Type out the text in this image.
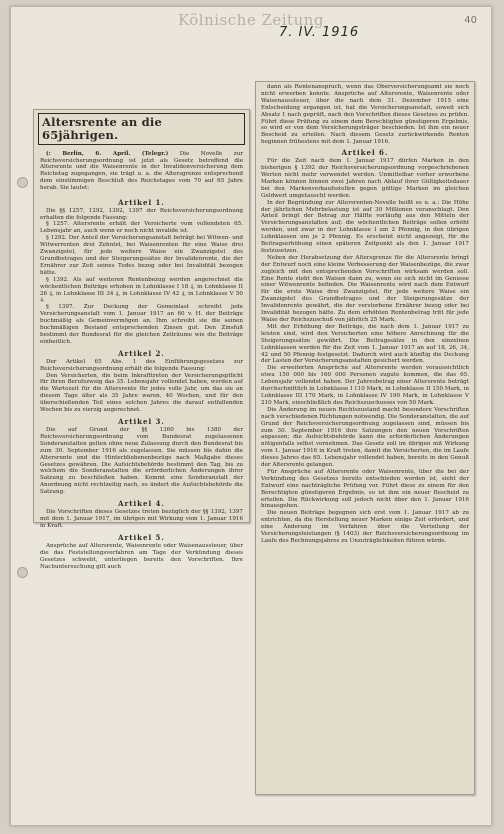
Kölnische Zeitung
7. IV. 1916
40
Altersrente an die 65jährigen.

(: Berlin, 6. April. (Telegr.) Die Novelle zur Reichsversicherungsordnung ist jetzt als Gesetz betreffend die Altersrente und die Waisenrente in der Invalidenversicherung dem Reichstag zugegangen, sie trägt u. a. die Altersgrenze entsprechend dem einstimmigen Beschluß des Reichstages vom 70 auf 65 Jahre herab. Sie lautet:

Artikel 1.

Die §§ 1257, 1292, 1392, 1397 der Reichsversicherungsordnung erhalten die folgende Fassung:

§ 1257. Altersrente erhält der Versicherte vom vollendeten 65. Lebensjahr an, auch wenn er noch nicht invalide ist.

§ 1292. Der Anteil der Versicherungsanstalt beträgt bei Witwen- und Witwerrenten drei Zehntel, bei Waisenrenten für eine Waise drei Zwanzigstel, für jede weitere Waise ein Zwanzigstel des Grundbetrages und der Steigerungssätze der Invalidenrente, die der Ernährer zur Zeit seines Todes bezog oder bei Invalidität bezogen hätte.

§ 1392. Als auf weiteren Rentenbezug werden angerechnet die wöchentlichen Beiträge erhoben in Lohnklasse I 18 ₰, in Lohnklasse II 26 ₰, in Lohnklasse III 34 ₰, in Lohnklasse IV 42 ₰, in Lohnklasse V 50 ₰.

§ 1397. Zur Deckung der Gemeinlast schreibt jede Versicherungsanstalt vom 1. Januar 1917 an 60 v. H. der Beiträge buchmäßig als Gemeinvermögen an. Ihm schreibt sie die seinen buchmäßigen Bestand entsprechenden Zinsen gut. Den Zinsfuß bestimmt der Bundesrat für die gleichen Zeiträume wie die Beiträge einheitlich.

Artikel 2.

Der Artikel 65 Abs. 1 des Einführungsgesetzes zur Reichsversicherungsordnung erhält die folgende Fassung:

Den Versicherten, die beim Inkrafttreten der Versicherungspflicht für ihren Berufszweig das 35. Lebensjahr vollendet haben, werden auf die Wartezeit für die Altersrente für jedes volle Jahr, um das sie an diesem Tage älter als 35 Jahre waren, 40 Wochen, und für den überschießenden Teil eines solchen Jahres die darauf entfallenden Wochen bis zu vierzig angerechnet.

Artikel 3.

Die auf Grund der §§ 1360 bis 1380 der Reichsversicherungsordnung vom Bundesrat zugelassenen Sonderanstalten gelten ohne neue Zulassung durch den Bundesrat bis zum 30. September 1916 als zugelassen. Sie müssen bis dahin die Altersrente und die Hinterbliebenenbezüge nach Maßgabe dieses Gesetzes gewähren. Die Aufsichtsbehörde bestimmt den Tag, bis zu welchem die Sonderanstalten die erforderlichen Änderungen ihrer Satzung zu beschließen haben. Kommt eine Sonderanstalt der Anordnung nicht rechtzeitig nach, so ändert die Aufsichtsbehörde die Satzung.

Artikel 4.

Die Vorschriften dieses Gesetzes treten bezüglich der §§ 1392, 1397 mit dem 1. Januar 1917, im übrigen mit Wirkung vom 1. Januar 1916 in Kraft.

Artikel 5.

Ansprüche auf Altersrente, Waisenrente oder Waisenaussteuer, über die das Feststellungsverfahren am Tage der Verkündung dieses Gesetzes schwebt, unterliegen bereits den Vorschriften. Ihre Nachuntersuchung gilt auch

dann als Rentenanspruch, wenn das Oberversicherungsamt sie noch nicht erwerben konnte. Ansprüche auf Altersrente, Waisenrente oder Waisenaussteuer, über die nach dem 31. Dezember 1915 eine Entscheidung ergangen ist, hat die Versicherungsanstalt, soweit sich Absatz 1 nach geprüft, nach den Vorschriften dieses Gesetzes zu prüfen. Führt diese Prüfung zu einem dem Berechtigten günstigeren Ergebnis, so wird er von dem Versicherungsträger beschieden. Ist ihm ein neuer Bescheid zu erteilen. Nach diesem Gesetz zurückwirkende Renten beginnen frühestens mit dem 1. Januar 1916.

Artikel 6.

Für die Zeit nach dem 1. Januar 1917 dürfen Marken in den bisherigen § 1392 der Reichsversicherungsordnung vorgeschriebenen Werten nicht mehr verwendet werden. Unmittelbar vorher erworbene Marken können binnen zwei Jahren nach Ablauf ihrer Gültigkeitsdauer bei den Markenverkaufsstellen gegen gültige Marken im gleichen Geldwert umgetauscht werden.

In der Begründung zur Altersrenten-Novelle heißt es u. a.: Die Höhe der jährlichen Mehrbelastung ist auf 30 Millionen veranschlagt. Den Anteil bringt der Betrag zur Hälfte vorläufig aus den Mitteln der Versicherungsanstalten auf; die wöchentlichen Beiträge sollen erhöht werden, und zwar in der Lohnklasse I um 2 Pfennig, in den übrigen Lohnklassen um je 2 Pfennig. Es erscheint nicht angezeigt, für die Beitragserhöhung einen späteren Zeitpunkt als den 1. Januar 1917 festzusetzen.

Neben der Herabsetzung der Altersgrenze für die Altersrente bringt der Entwurf noch eine kleine Verbesserung der Waisenbezüge, die zwar zugleich mit den entsprechenden Vorschriften wirksam werden soll. Eine Rente steht den Waisen dann zu, wenn sie sich nicht im Genusse einer Witwenrente befinden. Die Waisenrente wird nach dem Entwurf für die erste Waise drei Zwanzigstel, für jede weitere Waise ein Zwanzigstel des Grundbetrages und der Steigerungssätze der Invalidenrente gewährt, die der verstorbene Ernährer bezog oder bei Invalidität bezogen hätte. Zu dem erhöhten Rentenbetrag tritt für jede Waise der Reichszuschuß von jährlich 25 Mark.

Mit der Erhöhung der Beiträge, die nach dem 1. Januar 1917 zu leisten sind, wird den Versicherten eine höhere Anrechnung für die Steigerungssätze gewährt. Die Beitragssätze in den einzelnen Lohnklassen werden für die Zeit vom 1. Januar 1917 an auf 18, 26, 34, 42 und 50 Pfennig festgesetzt. Dadurch wird auch künftig die Deckung der Lasten der Versicherungsanstalten gesichert werden.

Die erweiterten Ansprüche auf Altersrente werden voraussichtlich etwa 150 000 bis 160 000 Personen zugute kommen, die das 65. Lebensjahr vollendet haben. Der Jahresbetrag einer Altersrente beträgt durchschnittlich in Lohnklasse I 110 Mark, in Lohnklasse II 150 Mark, in Lohnklasse III 170 Mark, in Lohnklasse IV 190 Mark, in Lohnklasse V 210 Mark, einschließlich des Reichszuschusses von 50 Mark.

Die Änderung im neuen Rechtszustand macht besondere Vorschriften nach verschiedenen Richtungen notwendig. Die Sonderanstalten, die auf Grund der Reichsversicherungsordnung zugelassen sind, müssen bis zum 30. September 1916 ihre Satzungen den neuen Vorschriften anpassen; die Aufsichtsbehörde kann die erforderlichen Änderungen nötigenfalls selbst vornehmen. Das Gesetz soll im übrigen mit Wirkung vom 1. Januar 1916 in Kraft treten, damit die Versicherten, die im Laufe dieses Jahres das 65. Lebensjahr vollendet haben, bereits in den Genuß der Altersrente gelangen.

Für Ansprüche auf Altersrente oder Waisenrente, über die bei der Verkündung des Gesetzes bereits entschieden worden ist, sieht der Entwurf eine nachträgliche Prüfung vor. Führt diese zu einem für den Berechtigten günstigeren Ergebnis, so ist ihm ein neuer Bescheid zu erteilen. Die Rückwirkung soll jedoch nicht über den 1. Januar 1916 hinausgehen.

Die neuen Beiträge begegnen sich erst vom 1. Januar 1917 ab zu entrichten, da die Herstellung neuer Marken einige Zeit erfordert, und eine Änderung im Verfahren über die Verteilung der Versicherungsleistungen (§ 1403) der Reichsversicherungsordnung im Laufe des Rechnungsjahres zu Unzuträglichkeiten führen würde.
